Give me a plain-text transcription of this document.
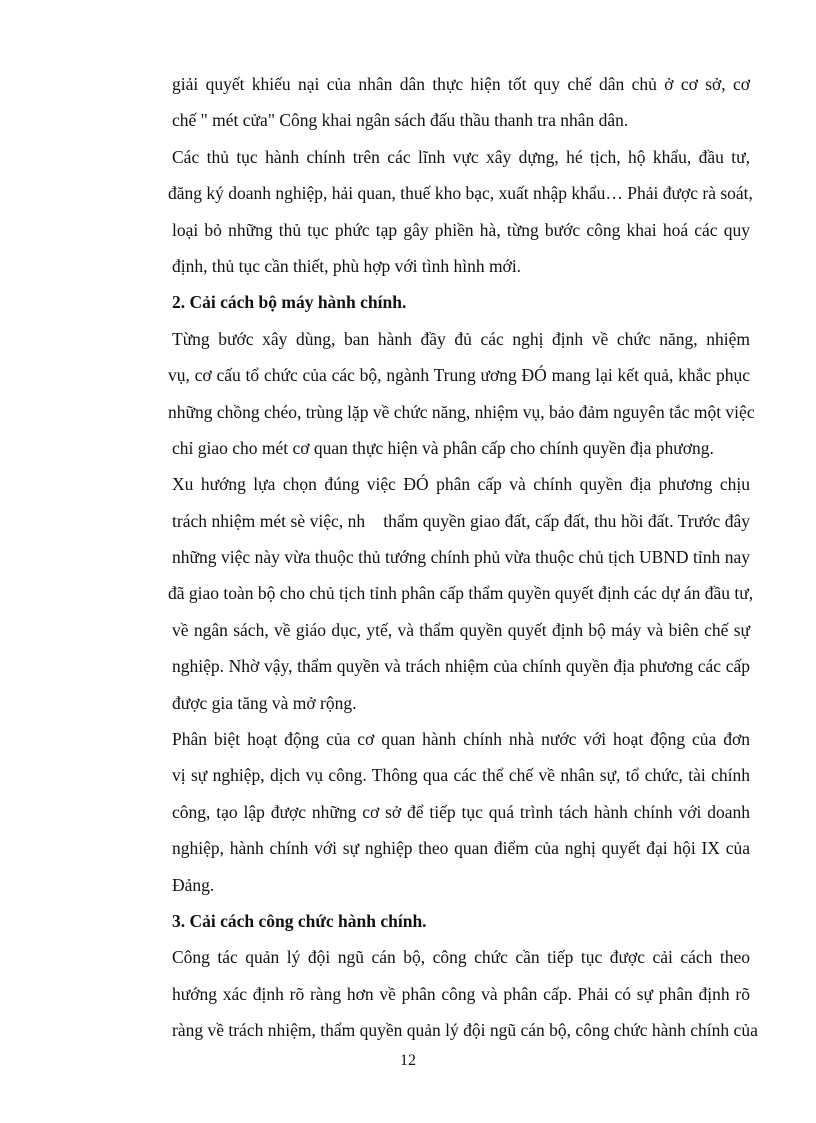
giải quyết khiếu nại của nhân dân thực hiện tốt quy chế dân chủ ở cơ sở, cơ
chế " mét cửa" Công khai ngân sách đấu thầu thanh tra nhân dân.
Các thủ tục hành chính trên các lĩnh vực xây dựng, hé tịch, hộ khẩu, đầu tư,
đăng ký doanh nghiệp, hải quan, thuế kho bạc, xuất nhập khẩu… Phải được rà soát,
loại bỏ những thủ tục phức tạp gây phiền hà, từng bước công khai hoá các quy
định, thủ tục cần thiết, phù hợp với tình hình mới.
2. Cải cách bộ máy hành chính.
Từng bước xây dùng, ban hành đầy đủ các nghị định về chức năng, nhiệm
vụ, cơ cấu tổ chức của các bộ, ngành Trung ương ĐÓ mang lại kết quả, khắc phục
những chồng chéo, trùng lặp về chức năng, nhiệm vụ, bảo đảm nguyên tắc một việc
chỉ giao cho mét cơ quan thực hiện và phân cấp cho chính quyền địa phương.
Xu hướng lựa chọn đúng việc ĐÓ phân cấp và chính quyền địa phương chịu
trách nhiệm mét sè việc, nh    thẩm quyền giao đất, cấp đất, thu hồi đất. Trước đây
những việc này vừa thuộc thủ tướng chính phủ vừa thuộc chủ tịch UBND tỉnh nay
đã giao toàn bộ cho chủ tịch tỉnh phân cấp thẩm quyền quyết định các dự án đầu tư,
về ngân sách, về giáo dục, ytế, và thẩm quyền quyết định bộ máy và biên chế sự
nghiệp. Nhờ vậy, thẩm quyền và trách nhiệm của chính quyền địa phương các cấp
được gia tăng và mở rộng.
Phân biệt hoạt động của cơ quan hành chính nhà nước với hoạt động của đơn
vị sự nghiệp, dịch vụ công. Thông qua các thể chế về nhân sự, tổ chức, tài chính
công, tạo lập được những cơ sở để tiếp tục quá trình tách hành chính với doanh
nghiệp, hành chính với sự nghiệp theo quan điểm của nghị quyết đại hội IX của
Đảng.
3. Cải cách công chức hành chính.
Công tác quản lý đội ngũ cán bộ, công chức cần tiếp tục được cải cách theo
hướng xác định rõ ràng hơn về phân công và phân cấp. Phải có sự phân định rõ
ràng về trách nhiệm, thẩm quyền quản lý đội ngũ cán bộ, công chức hành chính của
12
